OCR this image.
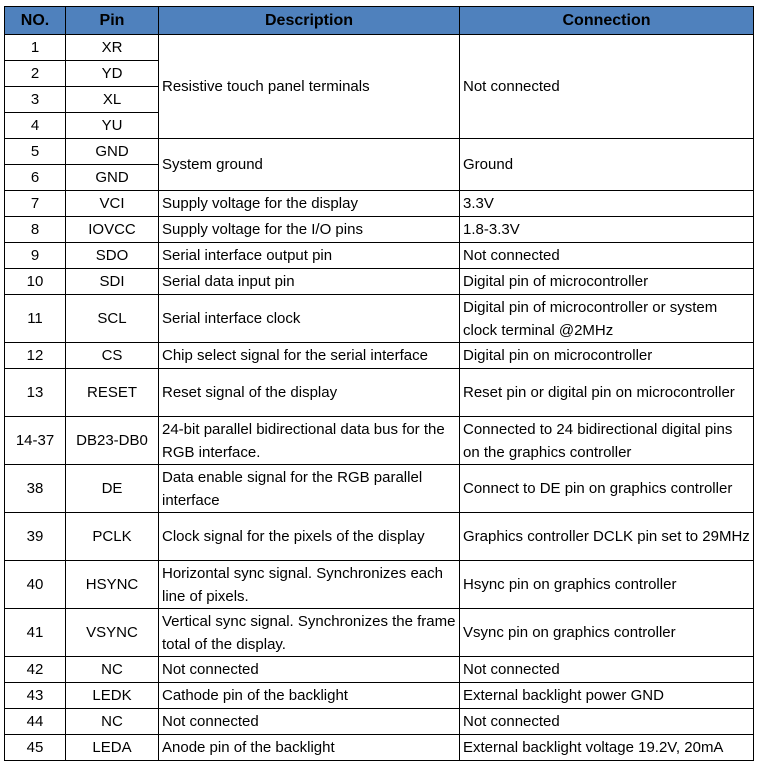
NO.	Pin	Description	Connection
1	XR	Resistive touch panel terminals	Not connected
2	YD		
3	XL		
4	YU		
5	GND	System ground	Ground
6	GND		
7	VCI	Supply voltage for the display	3.3V
8	IOVCC	Supply voltage for the I/O pins	1.8-3.3V
9	SDO	Serial interface output pin	Not connected
10	SDI	Serial data input pin	Digital pin of microcontroller
11	SCL	Serial interface clock	Digital pin of microcontroller or system clock terminal @2MHz
12	CS	Chip select signal for the serial interface	Digital pin on microcontroller
13	RESET	Reset signal of the display	Reset pin or digital pin on microcontroller
14-37	DB23-DB0	24-bit parallel bidirectional data bus for the RGB interface.	Connected to 24 bidirectional digital pins on the graphics controller
38	DE	Data enable signal for the RGB parallel interface	Connect to DE pin on graphics controller
39	PCLK	Clock signal for the pixels of the display	Graphics controller DCLK pin set to 29MHz
40	HSYNC	Horizontal sync signal. Synchronizes each line of pixels.	Hsync pin on graphics controller
41	VSYNC	Vertical sync signal. Synchronizes the frame total of the display.	Vsync pin on graphics controller
42	NC	Not connected	Not connected
43	LEDK	Cathode pin of the backlight	External backlight power GND
44	NC	Not connected	Not connected
45	LEDA	Anode pin of the backlight	External backlight voltage 19.2V, 20mA
